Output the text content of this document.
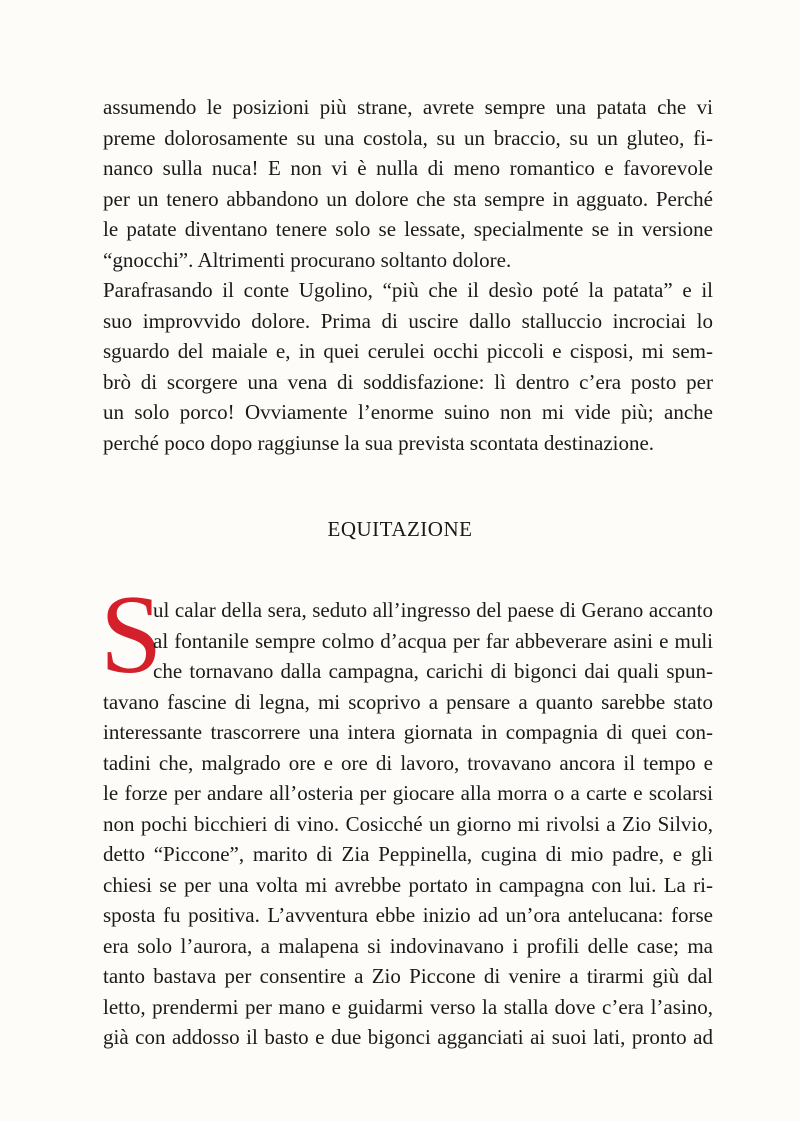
assumendo le posizioni più strane, avrete sempre una patata che vi
preme dolorosamente su una costola, su un braccio, su un gluteo, fi-
nanco sulla nuca! E non vi è nulla di meno romantico e favorevole
per un tenero abbandono un dolore che sta sempre in agguato. Perché
le patate diventano tenere solo se lessate, specialmente se in versione
“gnocchi”. Altrimenti procurano soltanto dolore.
Parafrasando il conte Ugolino, “più che il desìo poté la patata” e il
suo improvvido dolore. Prima di uscire dallo stalluccio incrociai lo
sguardo del maiale e, in quei cerulei occhi piccoli e cisposi, mi sem-
brò di scorgere una vena di soddisfazione: lì dentro c’era posto per
un solo porco! Ovviamente l’enorme suino non mi vide più; anche
perché poco dopo raggiunse la sua prevista scontata destinazione.
EQUITAZIONE
S
ul calar della sera, seduto all’ingresso del paese di Gerano accanto
al fontanile sempre colmo d’acqua per far abbeverare asini e muli
che tornavano dalla campagna, carichi di bigonci dai quali spun-
tavano fascine di legna, mi scoprivo a pensare a quanto sarebbe stato
interessante trascorrere una intera giornata in compagnia di quei con-
tadini che, malgrado ore e ore di lavoro, trovavano ancora il tempo e
le forze per andare all’osteria per giocare alla morra o a carte e scolarsi
non pochi bicchieri di vino. Cosicché un giorno mi rivolsi a Zio Silvio,
detto “Piccone”, marito di Zia Peppinella, cugina di mio padre, e gli
chiesi se per una volta mi avrebbe portato in campagna con lui. La ri-
sposta fu positiva. L’avventura ebbe inizio ad un’ora antelucana: forse
era solo l’aurora, a malapena si indovinavano i profili delle case; ma
tanto bastava per consentire a Zio Piccone di venire a tirarmi giù dal
letto, prendermi per mano e guidarmi verso la stalla dove c’era l’asino,
già con addosso il basto e due bigonci agganciati ai suoi lati, pronto ad
